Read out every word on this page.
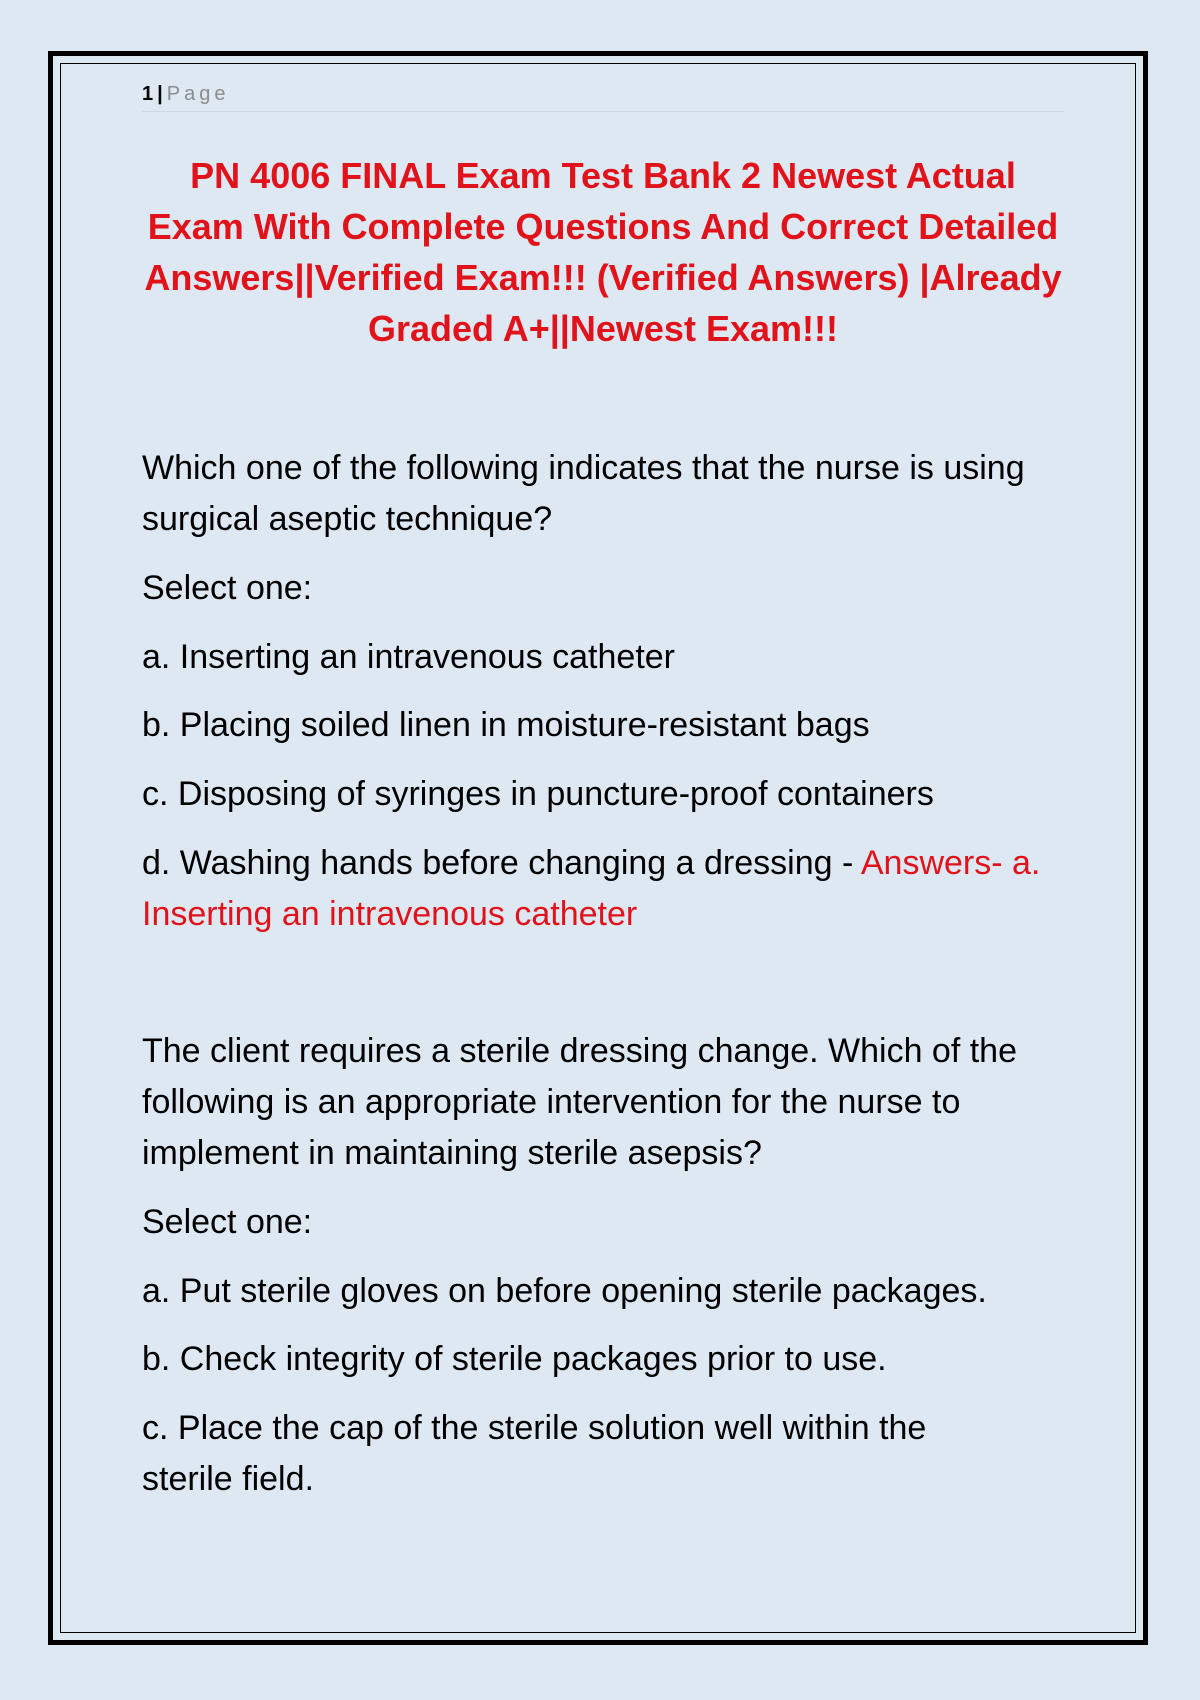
1 | Page
PN 4006 FINAL Exam Test Bank 2 Newest Actual Exam With Complete Questions And Correct Detailed Answers||Verified Exam!!! (Verified Answers) |Already Graded A+||Newest Exam!!!

Which one of the following indicates that the nurse is using surgical aseptic technique?

Select one:

a. Inserting an intravenous catheter

b. Placing soiled linen in moisture-resistant bags

c. Disposing of syringes in puncture-proof containers

d. Washing hands before changing a dressing - Answers- a. Inserting an intravenous catheter

The client requires a sterile dressing change. Which of the following is an appropriate intervention for the nurse to implement in maintaining sterile asepsis?

Select one:

a. Put sterile gloves on before opening sterile packages.

b. Check integrity of sterile packages prior to use.

c. Place the cap of the sterile solution well within the sterile field.
